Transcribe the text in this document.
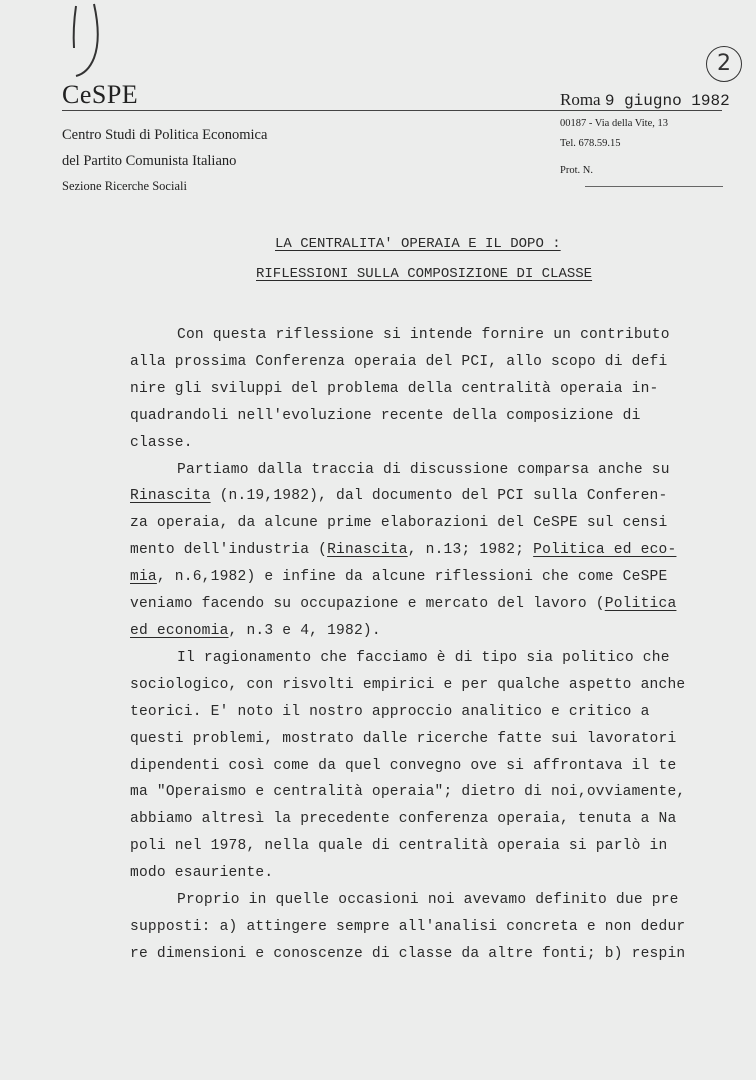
2
CeSPE
Centro Studi di Politica Economica
del Partito Comunista Italiano
Sezione Ricerche Sociali
Roma 9 giugno 1982
00187 - Via della Vite, 13
Tel. 678.59.15
Prot. N.
LA CENTRALITA' OPERAIA E IL DOPO :
RIFLESSIONI SULLA COMPOSIZIONE DI CLASSE
Con questa riflessione si intende fornire un contributo
alla prossima Conferenza operaia del PCI, allo scopo di defi
nire gli sviluppi del problema della centralità operaia in-
quadrandoli nell'evoluzione recente della composizione di
classe.
Partiamo dalla traccia di discussione comparsa anche su
Rinascita (n.19,1982), dal documento del PCI sulla Conferen-
za operaia, da alcune prime elaborazioni del CeSPE sul censi
mento dell'industria (Rinascita, n.13; 1982; Politica ed eco-
mia, n.6,1982) e infine da alcune riflessioni che come CeSPE
veniamo facendo su occupazione e mercato del lavoro (Politica
ed economia, n.3 e 4, 1982).
Il ragionamento che facciamo è di tipo sia politico che
sociologico, con risvolti empirici e per qualche aspetto anche
teorici. E' noto il nostro approccio analitico e critico a
questi problemi, mostrato dalle ricerche fatte sui lavoratori
dipendenti così come da quel convegno ove si affrontava il te
ma "Operaismo e centralità operaia"; dietro di noi,ovviamente,
abbiamo altresì la precedente conferenza operaia, tenuta a Na
poli nel 1978, nella quale di centralità operaia si parlò in
modo esauriente.
Proprio in quelle occasioni noi avevamo definito due pre
supposti: a) attingere sempre all'analisi concreta e non dedur
re dimensioni e conoscenze di classe da altre fonti; b) respin
